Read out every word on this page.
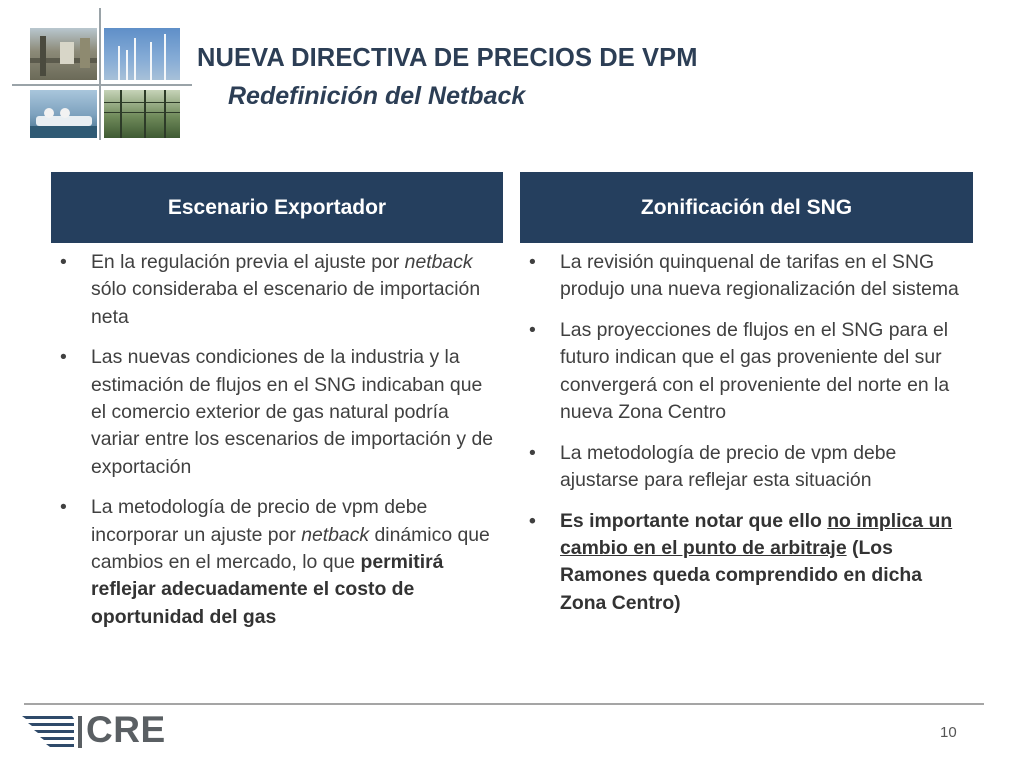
NUEVA DIRECTIVA DE PRECIOS DE VPM
Redefinición del Netback
Escenario Exportador	Zonificación del SNG
• En la regulación previa el ajuste por netback sólo consideraba el escenario de importación neta
• Las nuevas condiciones de la industria y la estimación de flujos en el SNG indicaban que el comercio exterior de gas natural podría variar entre los escenarios de importación y de exportación
• La metodología de precio de vpm debe incorporar un ajuste por netback dinámico que cambios en el mercado, lo que permitirá reflejar adecuadamente el costo de oportunidad del gas
• La revisión quinquenal de tarifas en el SNG produjo una nueva regionalización del sistema
• Las proyecciones de flujos en el SNG para el futuro indican que el gas proveniente del sur convergerá con el proveniente del norte en la nueva Zona Centro
• La metodología de precio de vpm debe ajustarse para reflejar esta situación
• Es importante notar que ello no implica un cambio en el punto de arbitraje (Los Ramones queda comprendido en dicha Zona Centro)
CRE	10
